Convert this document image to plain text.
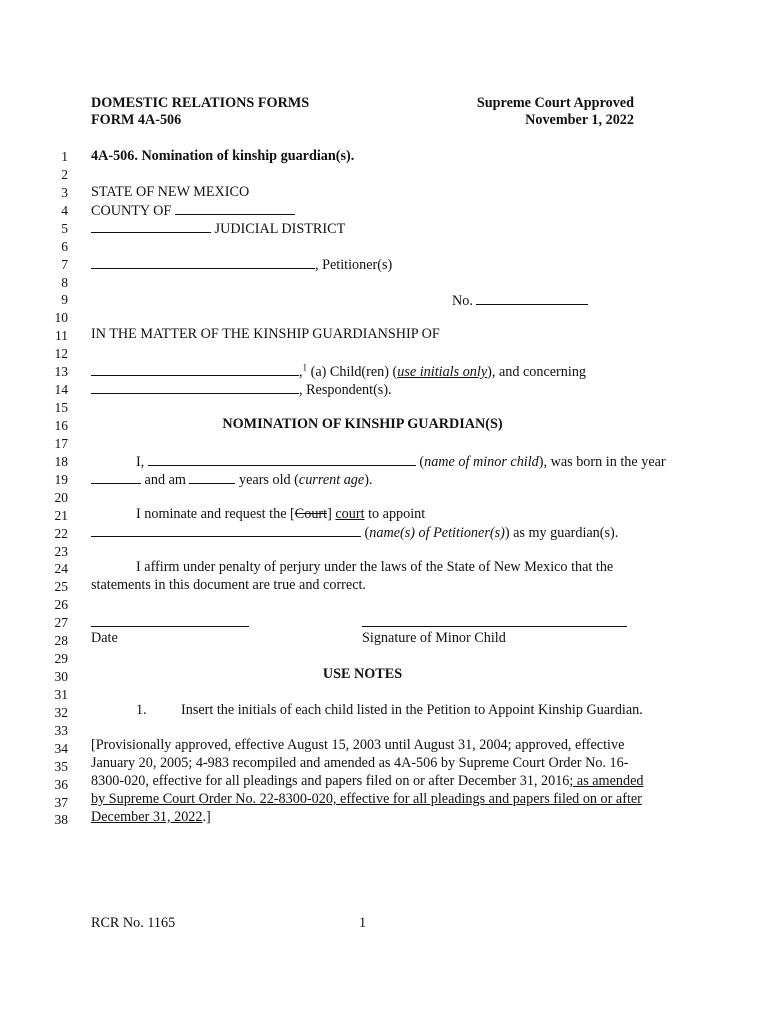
DOMESTIC RELATIONS FORMS
FORM 4A-506
Supreme Court Approved
November 1, 2022
1
2
3
4
5
6
7
8
9
10
11
12
13
14
15
16
17
18
19
20
21
22
23
24
25
26
27
28
29
30
31
32
33
34
35
36
37
38
4A-506. Nomination of kinship guardian(s).
STATE OF NEW MEXICO
COUNTY OF
JUDICIAL DISTRICT
, Petitioner(s)
No.
IN THE MATTER OF THE KINSHIP GUARDIANSHIP OF
,$^1$ (a) Child(ren) (use initials only), and concerning
, Respondent(s).
NOMINATION OF KINSHIP GUARDIAN(S)
I,	(name of minor child), was born in the year
and am	years old (current age).
I nominate and request the [Court] court to appoint
(name(s) of Petitioner(s)) as my guardian(s).
I affirm under penalty of perjury under the laws of the State of New Mexico that the
statements in this document are true and correct.
Date	Signature of Minor Child
USE NOTES
1. Insert the initials of each child listed in the Petition to Appoint Kinship Guardian.
[Provisionally approved, effective August 15, 2003 until August 31, 2004; approved, effective
January 20, 2005; 4-983 recompiled and amended as 4A-506 by Supreme Court Order No. 16-
8300-020, effective for all pleadings and papers filed on or after December 31, 2016; as amended
by Supreme Court Order No. 22-8300-020, effective for all pleadings and papers filed on or after
December 31, 2022.]
RCR No. 1165	1
